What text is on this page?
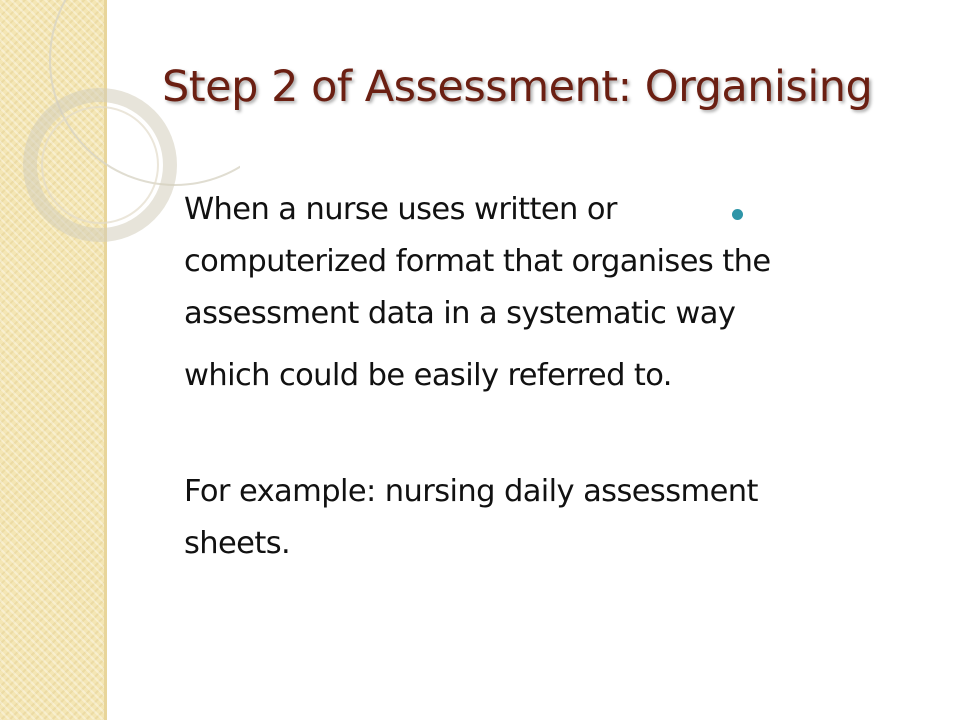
Step 2 of Assessment: Organising

When a nurse uses written or

computerized format that organises the

assessment data in a systematic way

which could be easily referred to.

For example: nursing daily assessment

sheets.
